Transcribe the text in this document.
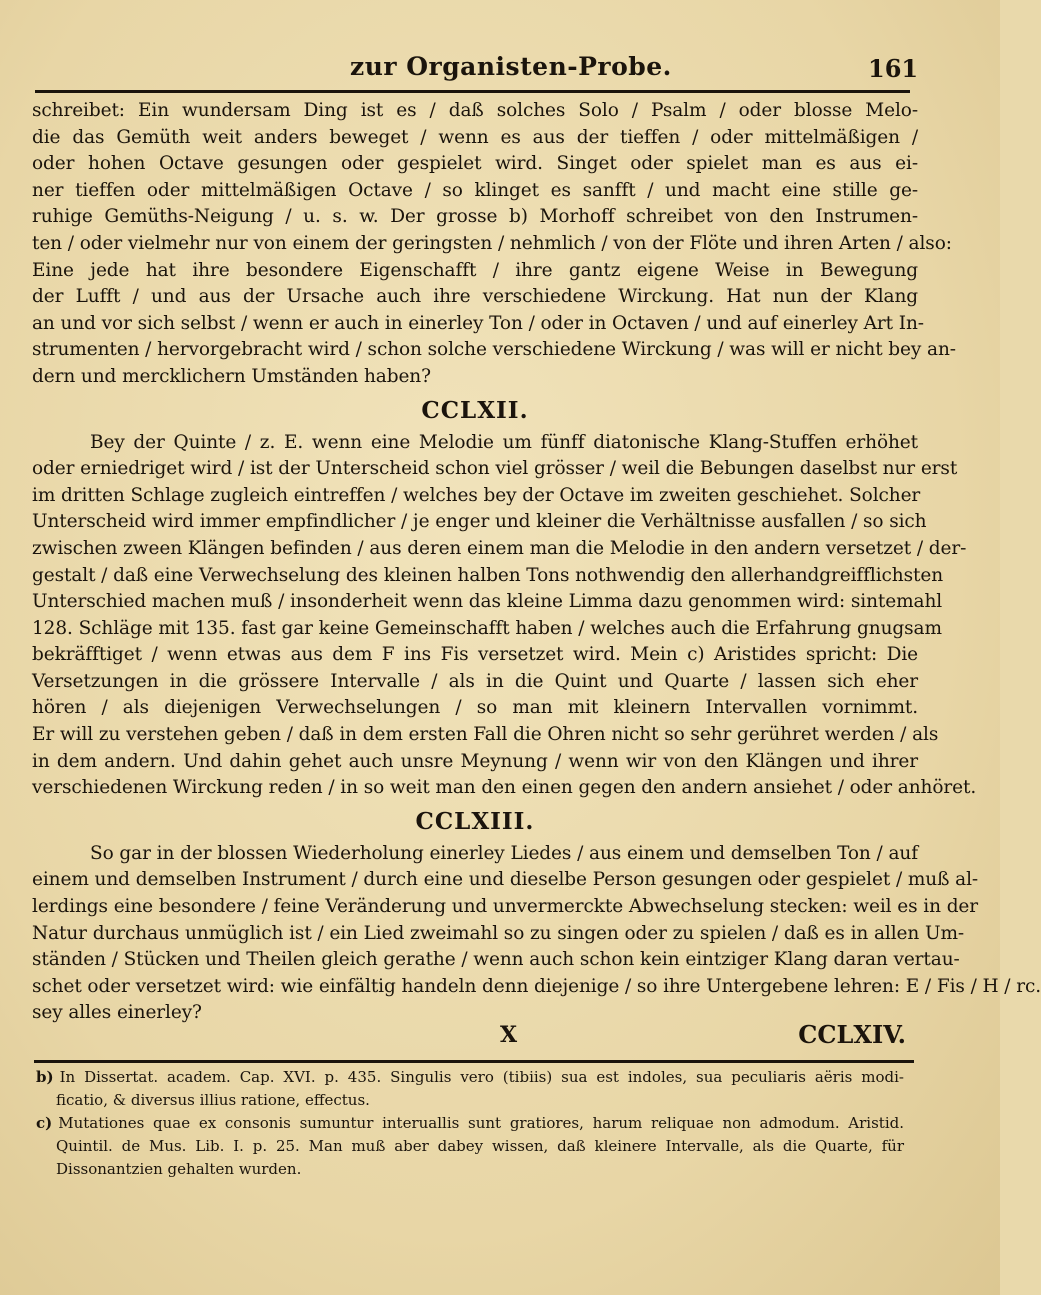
zur Organisten-Probe.	161
schreibet: Ein wundersam Ding ist es / daß solches Solo / Psalm / oder blosse Melo-
die das Gemüth weit anders beweget / wenn es aus der tieffen / oder mittelmäßigen /
oder hohen Octave gesungen oder gespielet wird. Singet oder spielet man es aus ei-
ner tieffen oder mittelmäßigen Octave / so klinget es sanfft / und macht eine stille ge-
ruhige Gemüths-Neigung / u. s. w. Der grosse b) Morhoff schreibet von den Instrumen-
ten / oder vielmehr nur von einem der geringsten / nehmlich / von der Flöte und ihren Arten / also:
Eine jede hat ihre besondere Eigenschafft / ihre gantz eigene Weise in Bewegung
der Lufft / und aus der Ursache auch ihre verschiedene Wirckung. Hat nun der Klang
an und vor sich selbst / wenn er auch in einerley Ton / oder in Octaven / und auf einerley Art In-
strumenten / hervorgebracht wird / schon solche verschiedene Wirckung / was will er nicht bey an-
dern und mercklichern Umständen haben?
CCLXII.
Bey der Quinte / z. E. wenn eine Melodie um fünff diatonische Klang-Stuffen erhöhet
oder erniedriget wird / ist der Unterscheid schon viel grösser / weil die Bebungen daselbst nur erst
im dritten Schlage zugleich eintreffen / welches bey der Octave im zweiten geschiehet. Solcher
Unterscheid wird immer empfindlicher / je enger und kleiner die Verhältnisse ausfallen / so sich
zwischen zween Klängen befinden / aus deren einem man die Melodie in den andern versetzet / der-
gestalt / daß eine Verwechselung des kleinen halben Tons nothwendig den allerhandgreifflichsten
Unterschied machen muß / insonderheit wenn das kleine Limma dazu genommen wird: sintemahl
128. Schläge mit 135. fast gar keine Gemeinschafft haben / welches auch die Erfahrung gnugsam
bekräfftiget / wenn etwas aus dem F ins Fis versetzet wird. Mein c) Aristides spricht: Die
Versetzungen in die grössere Intervalle / als in die Quint und Quarte / lassen sich eher
hören / als diejenigen Verwechselungen / so man mit kleinern Intervallen vornimmt.
Er will zu verstehen geben / daß in dem ersten Fall die Ohren nicht so sehr gerühret werden / als
in dem andern. Und dahin gehet auch unsre Meynung / wenn wir von den Klängen und ihrer
verschiedenen Wirckung reden / in so weit man den einen gegen den andern ansiehet / oder anhöret.
CCLXIII.
So gar in der blossen Wiederholung einerley Liedes / aus einem und demselben Ton / auf
einem und demselben Instrument / durch eine und dieselbe Person gesungen oder gespielet / muß al-
lerdings eine besondere / feine Veränderung und unvermerckte Abwechselung stecken: weil es in der
Natur durchaus unmüglich ist / ein Lied zweimahl so zu singen oder zu spielen / daß es in allen Um-
ständen / Stücken und Theilen gleich gerathe / wenn auch schon kein eintziger Klang daran vertau-
schet oder versetzet wird: wie einfältig handeln denn diejenige / so ihre Untergebene lehren: E / Fis / H / rc.
sey alles einerley?
X	CCLXIV.
b) In Dissertat. academ. Cap. XVI. p. 435. Singulis vero (tibiis) sua est indoles, sua peculiaris aëris modi-
ficatio, & diversus illius ratione, effectus.
c) Mutationes quae ex consonis sumuntur interuallis sunt gratiores, harum reliquae non admodum. Aristid.
Quintil. de Mus. Lib. I. p. 25. Man muß aber dabey wissen, daß kleinere Intervalle, als die Quarte, für
Dissonantzien gehalten wurden.
